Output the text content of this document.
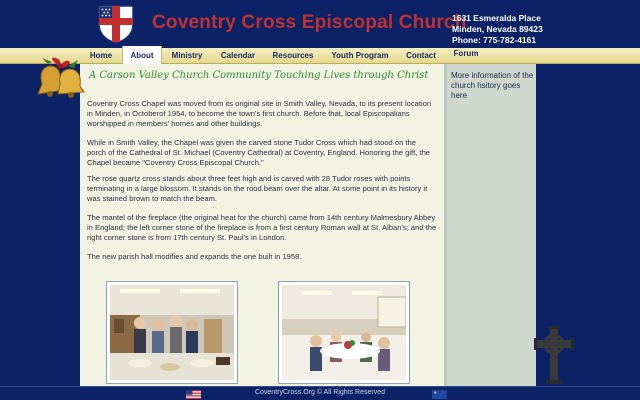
Coventry Cross Episcopal Church
1631 Esmeralda Place
Minden, Nevada 89423
Phone: 775-782-4161
Home	About	Ministry	Calendar	Resources	Youth Program	Contact	Forum
A Carson Valley Church Community Touching Lives through Christ
Coventry Cross Chapel was moved from its original site in Smith Valley, Nevada, to its present location in Minden, in Octoberof 1954, to become the town's first church. Before that, local Episcopalians worshipped in members' homes and other buildings.
While in Smith Valley, the Chapel was given the carved stone Tudor Cross which had stood on the porch of the Cathedral of St. Michael (Coventry Cathedral) at Coventry, England. Honoring the gift, the Chapel became "Coventry Cross Episcopal Church."
The rose quartz cross stands about three feet high and is carved with 28 Tudor roses with points terminating in a large blossom. It stands on the rood beam over the altar. At some point in its history it was stained brown to match the beam.
The mantel of the fireplace (the original heat for the church) came from 14th century Malmesbury Abbey in England; the left corner stone of the fireplace is from a first century Roman wall at St. Alban's; and the right corner stone is from 17th century St. Paul's in London.
The new parish hall modifies and expands the one built in 1958.
More information of the church hsitory goes here
CoventryCross.Org © All Rights Reserved
